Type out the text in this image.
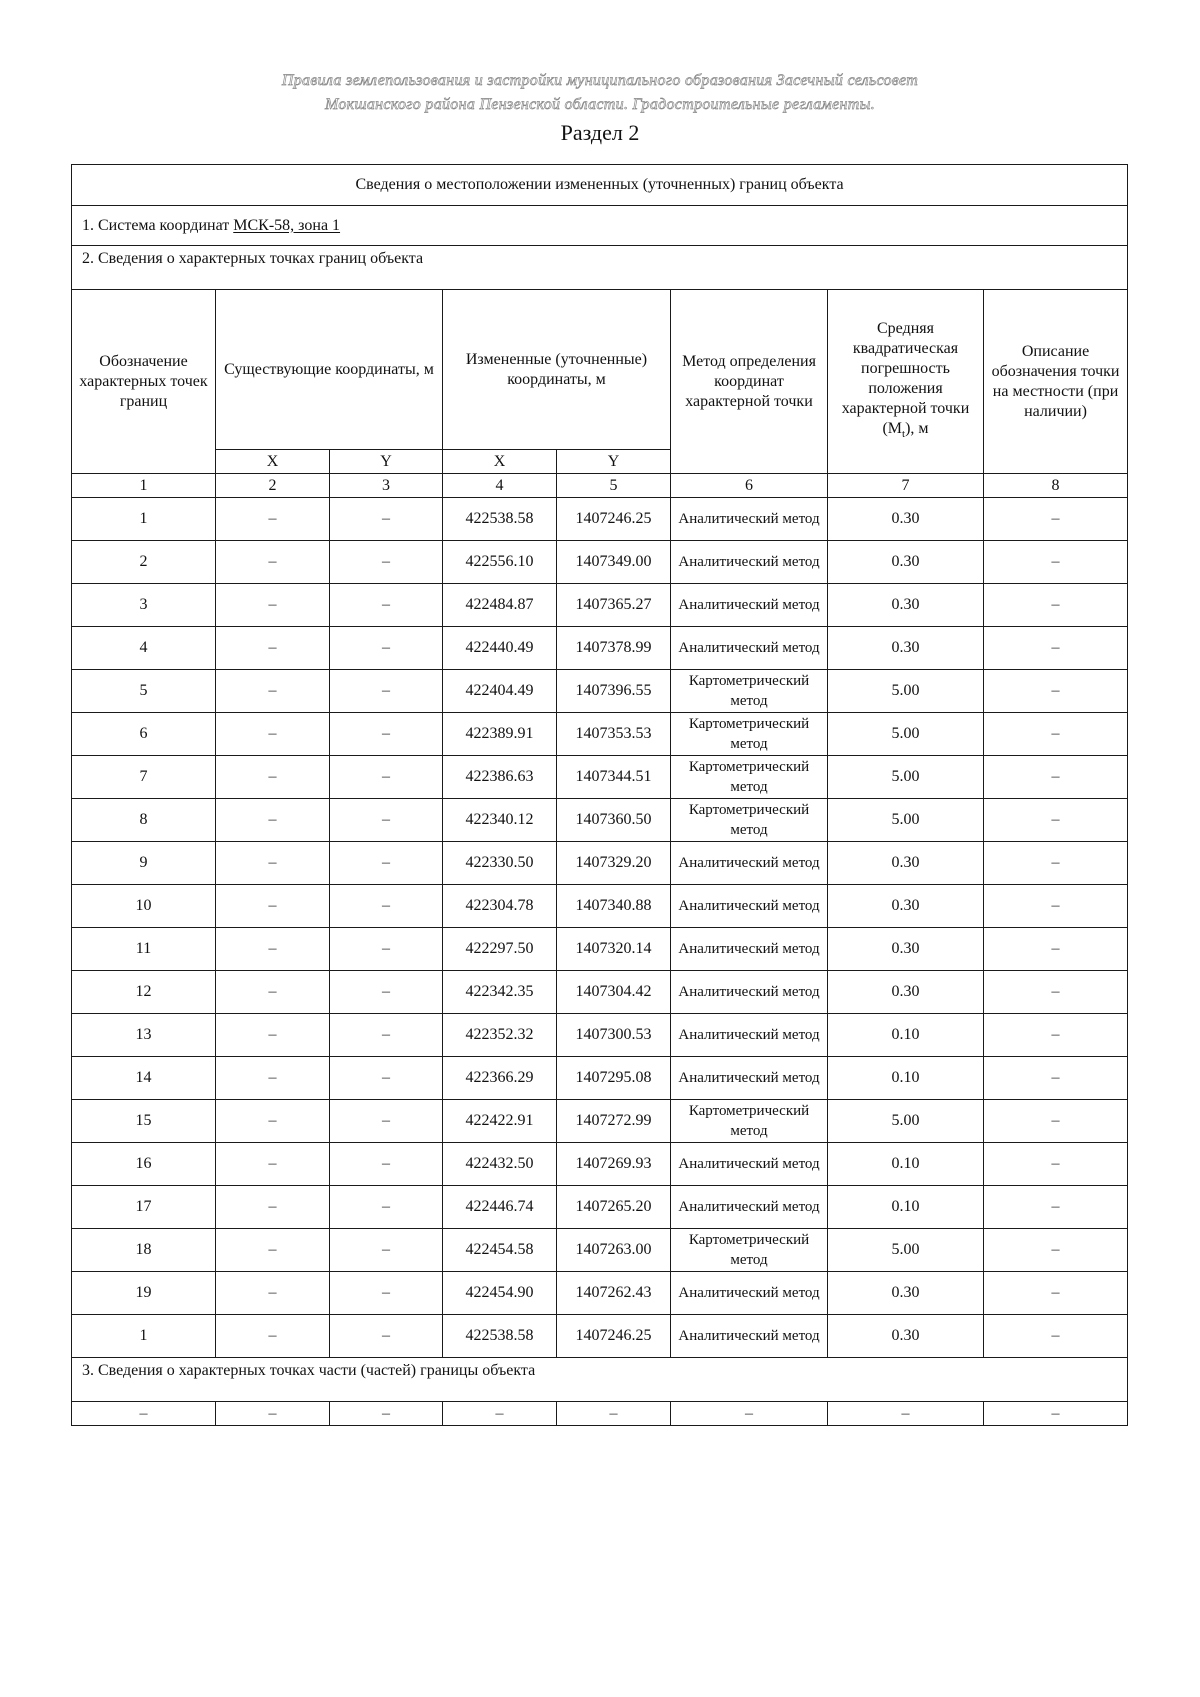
Правила землепользования и застройки муниципального образования Засечный сельсовет
Мокшанского района Пензенской области. Градостроительные регламенты.
Раздел 2
Сведения о местоположении измененных (уточненных) границ объекта							
1. Система координат МСК-58, зона 1							
2. Сведения о характерных точках границ объекта							
Обозначение характерных точек границ	Существующие координаты, м		Измененные (уточненные) координаты, м		Метод определения координат характерной точки	Средняя квадратическая погрешность положения характерной точки $(M_t)$, м	Описание обозначения точки на местности (при наличии)
	X	Y	X	Y			
1	2	3	4	5	6	7	8
1	–	–	422538.58	1407246.25	Аналитический метод	0.30	–
2	–	–	422556.10	1407349.00	Аналитический метод	0.30	–
3	–	–	422484.87	1407365.27	Аналитический метод	0.30	–
4	–	–	422440.49	1407378.99	Аналитический метод	0.30	–
5	–	–	422404.49	1407396.55	Картометрический метод	5.00	–
6	–	–	422389.91	1407353.53	Картометрический метод	5.00	–
7	–	–	422386.63	1407344.51	Картометрический метод	5.00	–
8	–	–	422340.12	1407360.50	Картометрический метод	5.00	–
9	–	–	422330.50	1407329.20	Аналитический метод	0.30	–
10	–	–	422304.78	1407340.88	Аналитический метод	0.30	–
11	–	–	422297.50	1407320.14	Аналитический метод	0.30	–
12	–	–	422342.35	1407304.42	Аналитический метод	0.30	–
13	–	–	422352.32	1407300.53	Аналитический метод	0.10	–
14	–	–	422366.29	1407295.08	Аналитический метод	0.10	–
15	–	–	422422.91	1407272.99	Картометрический метод	5.00	–
16	–	–	422432.50	1407269.93	Аналитический метод	0.10	–
17	–	–	422446.74	1407265.20	Аналитический метод	0.10	–
18	–	–	422454.58	1407263.00	Картометрический метод	5.00	–
19	–	–	422454.90	1407262.43	Аналитический метод	0.30	–
1	–	–	422538.58	1407246.25	Аналитический метод	0.30	–
3. Сведения о характерных точках части (частей) границы объекта							
–	–	–	–	–	–	–	–
